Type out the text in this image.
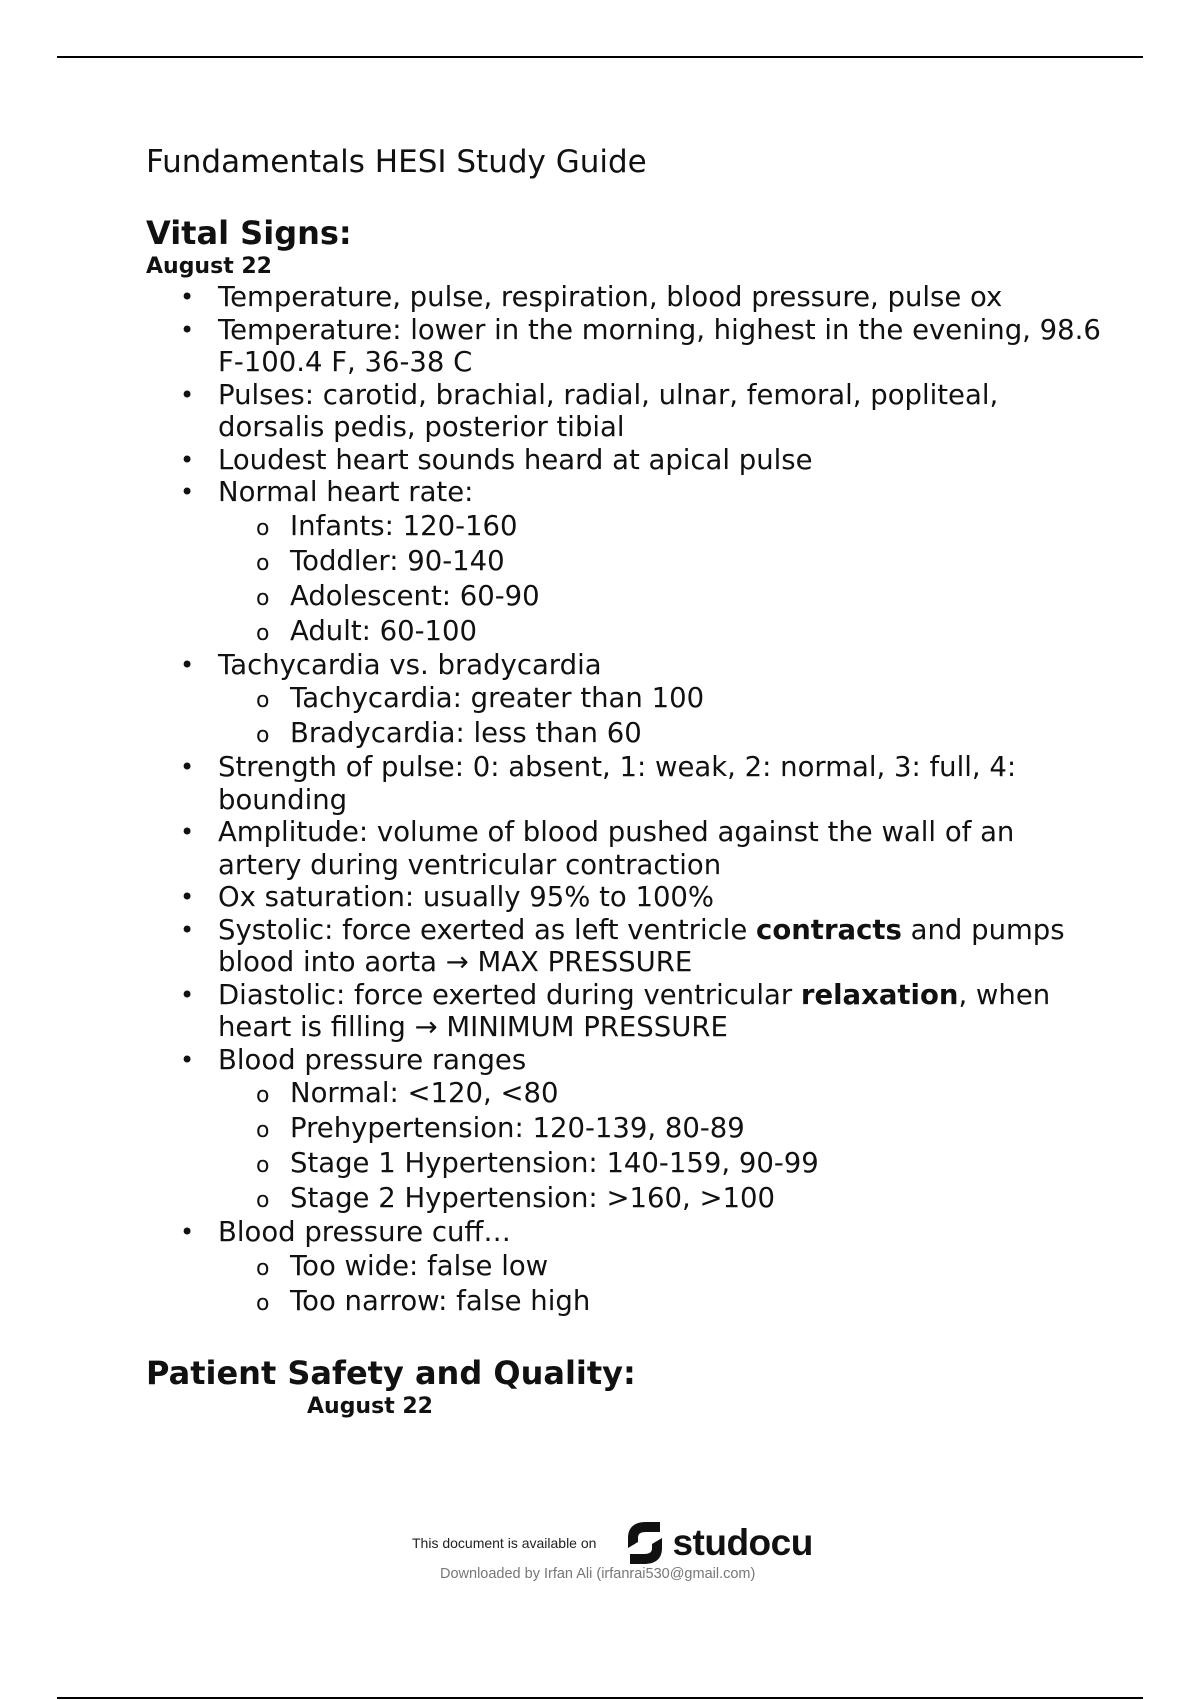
Fundamentals HESI Study Guide
Vital Signs:
August 22
• Temperature, pulse, respiration, blood pressure, pulse ox
• Temperature: lower in the morning, highest in the evening, 98.6 F-100.4 F, 36-38 C
• Pulses: carotid, brachial, radial, ulnar, femoral, popliteal, dorsalis pedis, posterior tibial
• Loudest heart sounds heard at apical pulse
• Normal heart rate:
o Infants: 120-160
o Toddler: 90-140
o Adolescent: 60-90
o Adult: 60-100
• Tachycardia vs. bradycardia
o Tachycardia: greater than 100
o Bradycardia: less than 60
• Strength of pulse: 0: absent, 1: weak, 2: normal, 3: full, 4: bounding
• Amplitude: volume of blood pushed against the wall of an artery during ventricular contraction
• Ox saturation: usually 95% to 100%
• Systolic: force exerted as left ventricle contracts and pumps blood into aorta → MAX PRESSURE
• Diastolic: force exerted during ventricular relaxation, when heart is filling → MINIMUM PRESSURE
• Blood pressure ranges
o Normal: <120, <80
o Prehypertension: 120-139, 80-89
o Stage 1 Hypertension: 140-159, 90-99
o Stage 2 Hypertension: >160, >100
• Blood pressure cuff…
o Too wide: false low
o Too narrow: false high
Patient Safety and Quality:
August 22
This document is available on studocu
Downloaded by Irfan Ali (irfanrai530@gmail.com)
